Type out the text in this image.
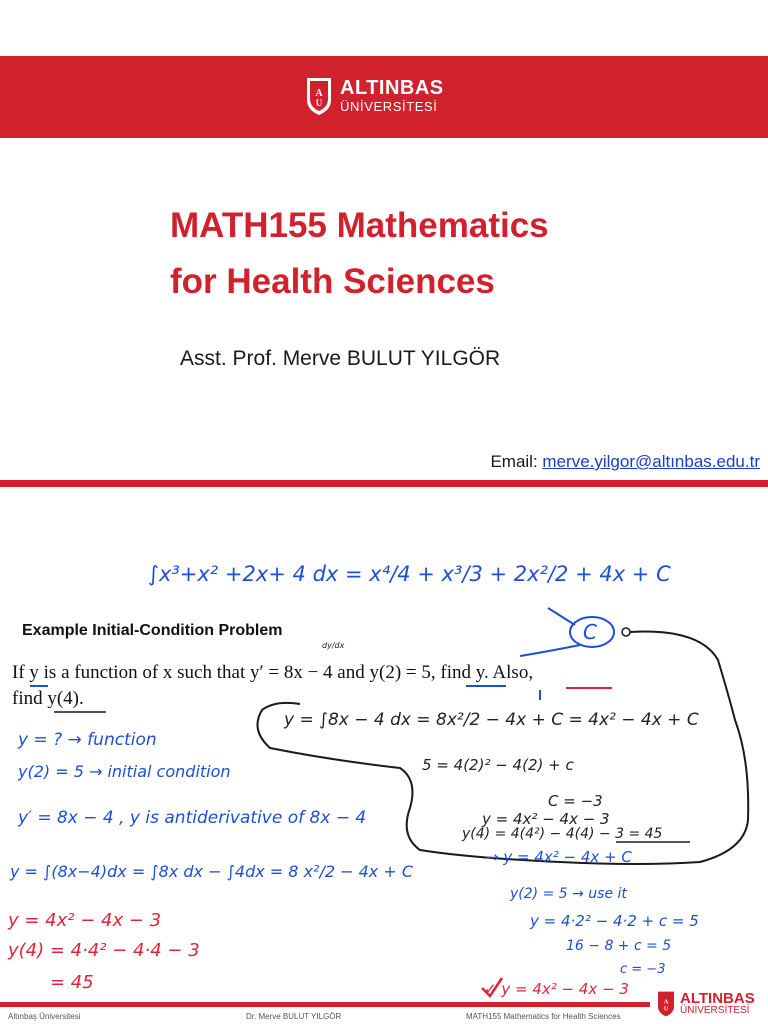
A
U
ALTINBAS
ÜNİVERSİTESİ
MATH155 Mathematics
for Health Sciences
Asst. Prof. Merve BULUT YILGÖR
Email: merve.yilgor@altınbas.edu.tr
∫x³+x² +2x+ 4 dx = x⁴/4 + x³/3 + 2x²/2 + 4x + C
C
dy/dx
Example Initial-Condition Problem
If y is a function of x such that y′ = 8x − 4 and y(2) = 5, find y. Also,
find y(4).
y = ∫8x − 4 dx = 8x²/2 − 4x + C = 4x² − 4x + C
5 = 4(2)² − 4(2) + c
C = −3
y = 4x² − 4x − 3
y(4) = 4(4²) − 4(4) − 3 = 45
y = ? → function
y(2) = 5 → initial condition
y′ = 8x − 4 , y is antiderivative of 8x − 4
y = ∫(8x−4)dx = ∫8x dx − ∫4dx = 8 x²/2 − 4x + C
→ y = 4x² − 4x + C
y = 4x² − 4x − 3
y(4) = 4·4² − 4·4 − 3
= 45
y(2) = 5 → use it
y = 4·2² − 4·2 + c = 5
16 − 8 + c = 5
c = −3
✓ y = 4x² − 4x − 3
Altınbaş Üniversitesi	Dr. Merve BULUT YILGÖR	MATH155 Mathematics for Health Sciences
A
U
ALTINBAS
ÜNİVERSİTESİ
